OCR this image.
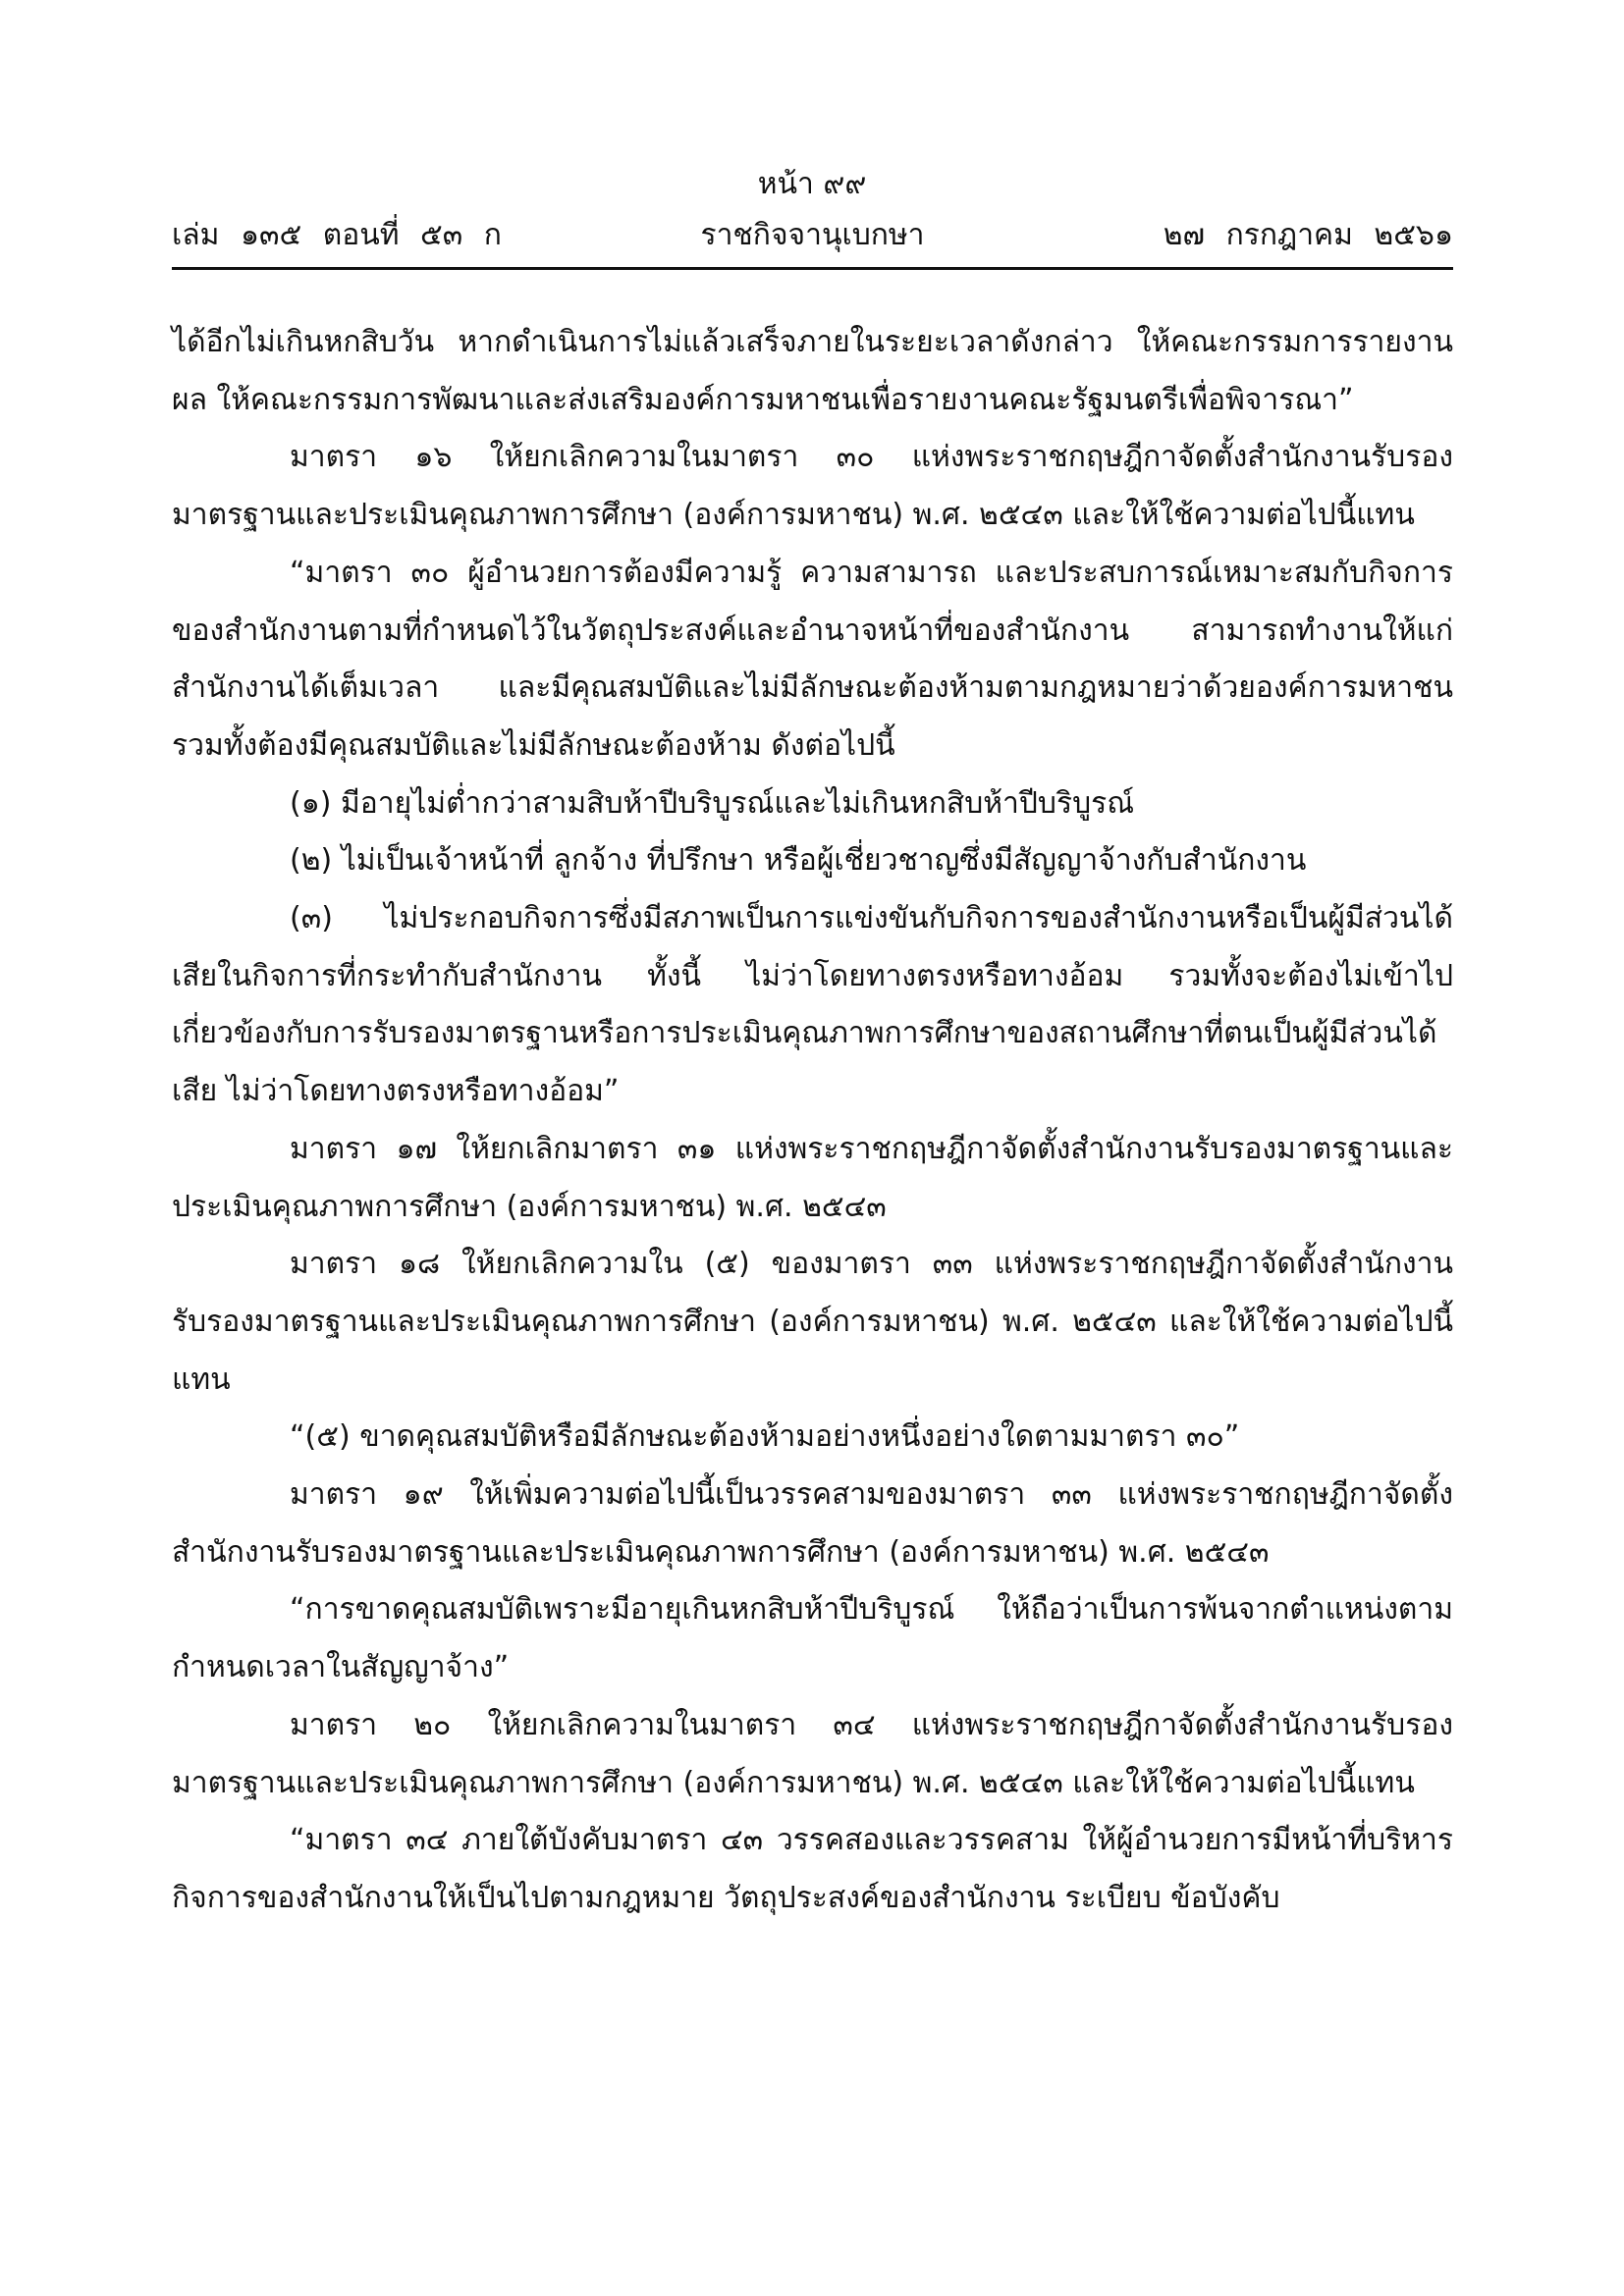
หน้า ๙๙
ราชกิจจานุเบกษา
เล่ม ๑๓๕ ตอนที่ ๕๓ ก	๒๗ กรกฎาคม ๒๕๖๑

ได้อีกไม่เกินหกสิบวัน หากดำเนินการไม่แล้วเสร็จภายในระยะเวลาดังกล่าว ให้คณะกรรมการรายงานผล ให้คณะกรรมการพัฒนาและส่งเสริมองค์การมหาชนเพื่อรายงานคณะรัฐมนตรีเพื่อพิจารณา”

มาตรา ๑๖ ให้ยกเลิกความในมาตรา ๓๐ แห่งพระราชกฤษฎีกาจัดตั้งสำนักงานรับรองมาตรฐานและประเมินคุณภาพการศึกษา (องค์การมหาชน) พ.ศ. ๒๕๔๓ และให้ใช้ความต่อไปนี้แทน

“มาตรา ๓๐ ผู้อำนวยการต้องมีความรู้ ความสามารถ และประสบการณ์เหมาะสมกับกิจการของสำนักงานตามที่กำหนดไว้ในวัตถุประสงค์และอำนาจหน้าที่ของสำนักงาน สามารถทำงานให้แก่สำนักงานได้เต็มเวลา และมีคุณสมบัติและไม่มีลักษณะต้องห้ามตามกฎหมายว่าด้วยองค์การมหาชนรวมทั้งต้องมีคุณสมบัติและไม่มีลักษณะต้องห้าม ดังต่อไปนี้

(๑) มีอายุไม่ต่ำกว่าสามสิบห้าปีบริบูรณ์และไม่เกินหกสิบห้าปีบริบูรณ์

(๒) ไม่เป็นเจ้าหน้าที่ ลูกจ้าง ที่ปรึกษา หรือผู้เชี่ยวชาญซึ่งมีสัญญาจ้างกับสำนักงาน

(๓) ไม่ประกอบกิจการซึ่งมีสภาพเป็นการแข่งขันกับกิจการของสำนักงานหรือเป็นผู้มีส่วนได้เสียในกิจการที่กระทำกับสำนักงาน ทั้งนี้ ไม่ว่าโดยทางตรงหรือทางอ้อม รวมทั้งจะต้องไม่เข้าไปเกี่ยวข้องกับการรับรองมาตรฐานหรือการประเมินคุณภาพการศึกษาของสถานศึกษาที่ตนเป็นผู้มีส่วนได้เสีย ไม่ว่าโดยทางตรงหรือทางอ้อม”

มาตรา ๑๗ ให้ยกเลิกมาตรา ๓๑ แห่งพระราชกฤษฎีกาจัดตั้งสำนักงานรับรองมาตรฐานและประเมินคุณภาพการศึกษา (องค์การมหาชน) พ.ศ. ๒๕๔๓

มาตรา ๑๘ ให้ยกเลิกความใน (๕) ของมาตรา ๓๓ แห่งพระราชกฤษฎีกาจัดตั้งสำนักงานรับรองมาตรฐานและประเมินคุณภาพการศึกษา (องค์การมหาชน) พ.ศ. ๒๕๔๓ และให้ใช้ความต่อไปนี้แทน

“(๕) ขาดคุณสมบัติหรือมีลักษณะต้องห้ามอย่างหนึ่งอย่างใดตามมาตรา ๓๐”

มาตรา ๑๙ ให้เพิ่มความต่อไปนี้เป็นวรรคสามของมาตรา ๓๓ แห่งพระราชกฤษฎีกาจัดตั้งสำนักงานรับรองมาตรฐานและประเมินคุณภาพการศึกษา (องค์การมหาชน) พ.ศ. ๒๕๔๓

“การขาดคุณสมบัติเพราะมีอายุเกินหกสิบห้าปีบริบูรณ์ ให้ถือว่าเป็นการพ้นจากตำแหน่งตามกำหนดเวลาในสัญญาจ้าง”

มาตรา ๒๐ ให้ยกเลิกความในมาตรา ๓๔ แห่งพระราชกฤษฎีกาจัดตั้งสำนักงานรับรองมาตรฐานและประเมินคุณภาพการศึกษา (องค์การมหาชน) พ.ศ. ๒๕๔๓ และให้ใช้ความต่อไปนี้แทน

“มาตรา ๓๔ ภายใต้บังคับมาตรา ๔๓ วรรคสองและวรรคสาม ให้ผู้อำนวยการมีหน้าที่บริหารกิจการของสำนักงานให้เป็นไปตามกฎหมาย วัตถุประสงค์ของสำนักงาน ระเบียบ ข้อบังคับ
